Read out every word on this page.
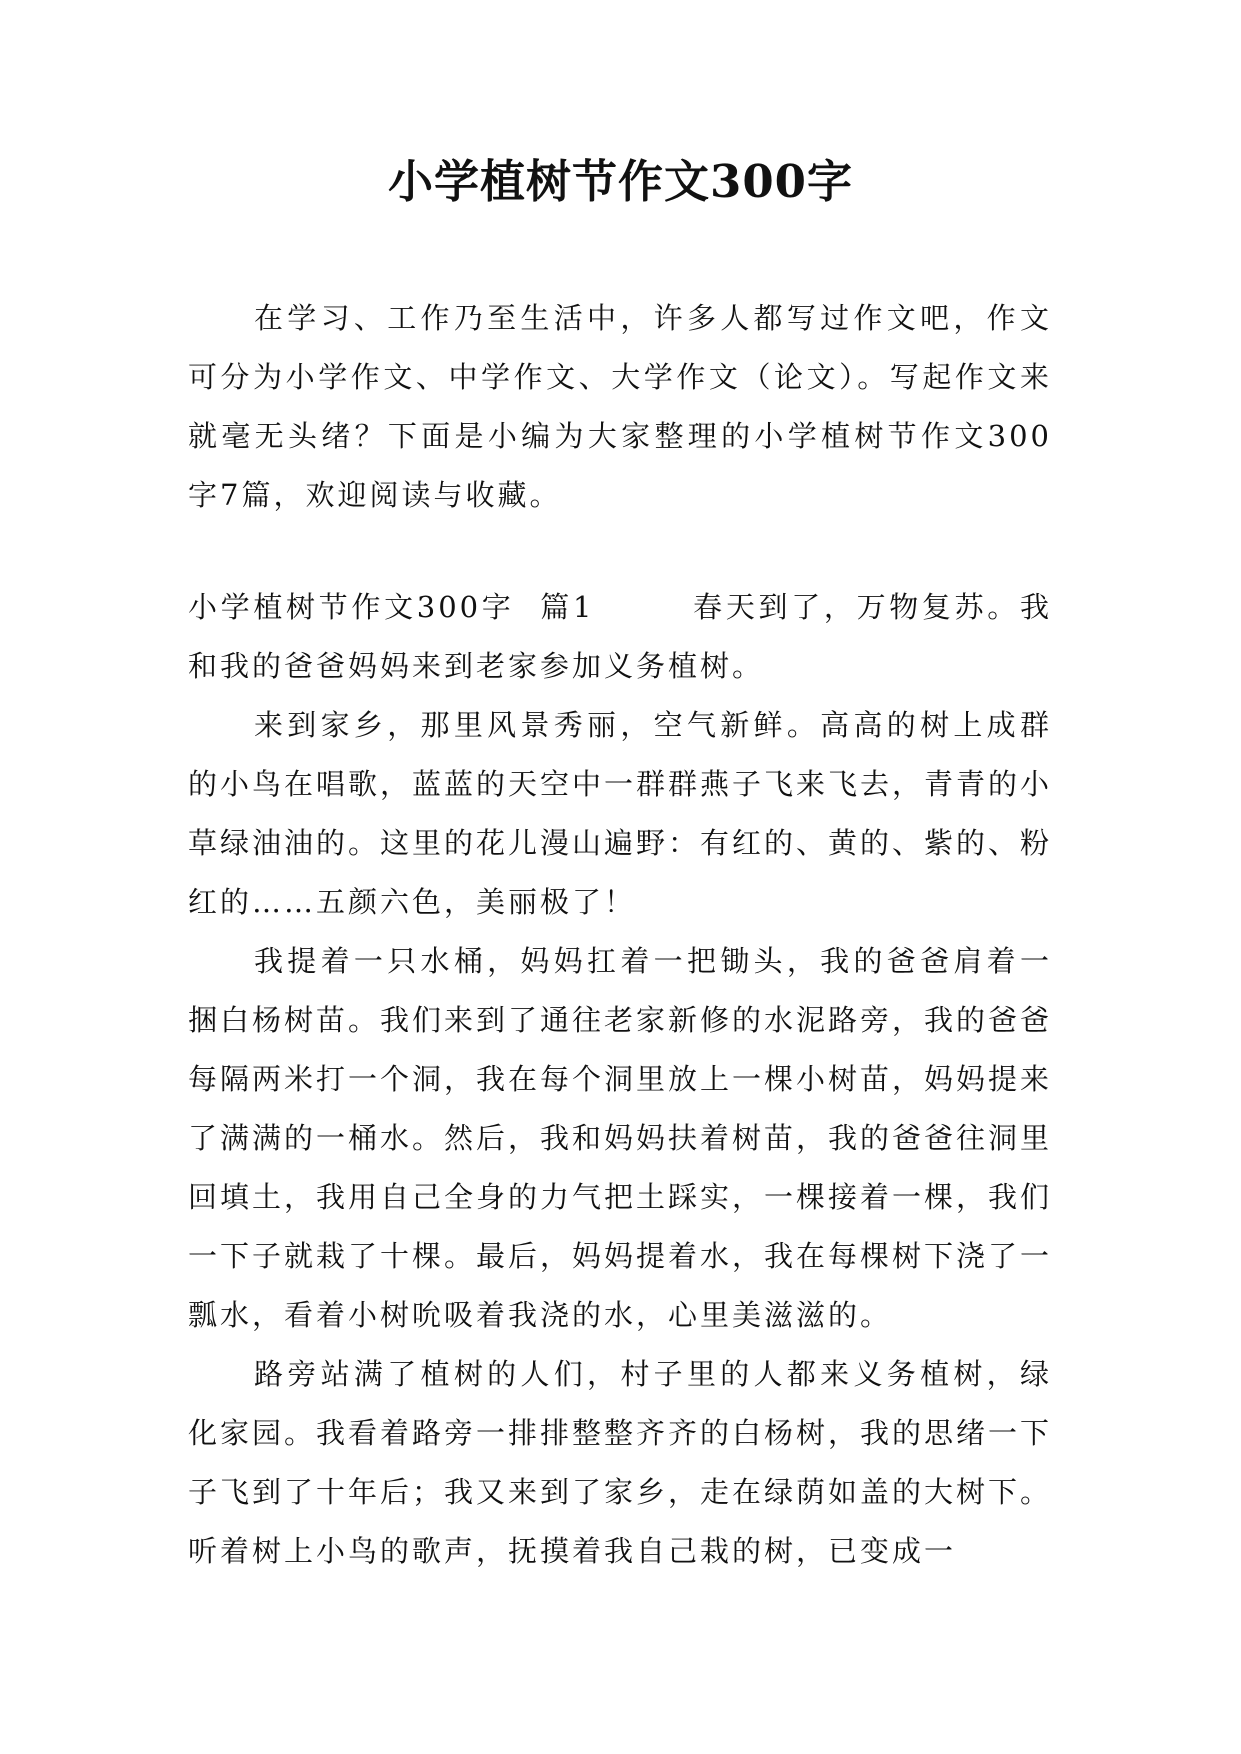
小学植树节作文300字

在学习、工作乃至生活中，许多人都写过作文吧，作文可分为小学作文、中学作文、大学作文（论文）。写起作文来就毫无头绪？下面是小编为大家整理的小学植树节作文300字7篇，欢迎阅读与收藏。

小学植树节作文300字  篇1　　　	春天到了，万物复苏。我和我的爸爸妈妈来到老家参加义务植树。

来到家乡，那里风景秀丽，空气新鲜。高高的树上成群的小鸟在唱歌，蓝蓝的天空中一群群燕子飞来飞去，青青的小草绿油油的。这里的花儿漫山遍野：有红的、黄的、紫的、粉红的……五颜六色，美丽极了！

我提着一只水桶，妈妈扛着一把锄头，我的爸爸肩着一捆白杨树苗。我们来到了通往老家新修的水泥路旁，我的爸爸每隔两米打一个洞，我在每个洞里放上一棵小树苗，妈妈提来了满满的一桶水。然后，我和妈妈扶着树苗，我的爸爸往洞里回填土，我用自己全身的力气把土踩实，一棵接着一棵，我们一下子就栽了十棵。最后，妈妈提着水，我在每棵树下浇了一瓢水，看着小树吮吸着我浇的水，心里美滋滋的。

路旁站满了植树的人们，村子里的人都来义务植树，绿化家园。我看着路旁一排排整整齐齐的白杨树，我的思绪一下子飞到了十年后；我又来到了家乡，走在绿荫如盖的大树下。听着树上小鸟的歌声，抚摸着我自己栽的树，已变成一
